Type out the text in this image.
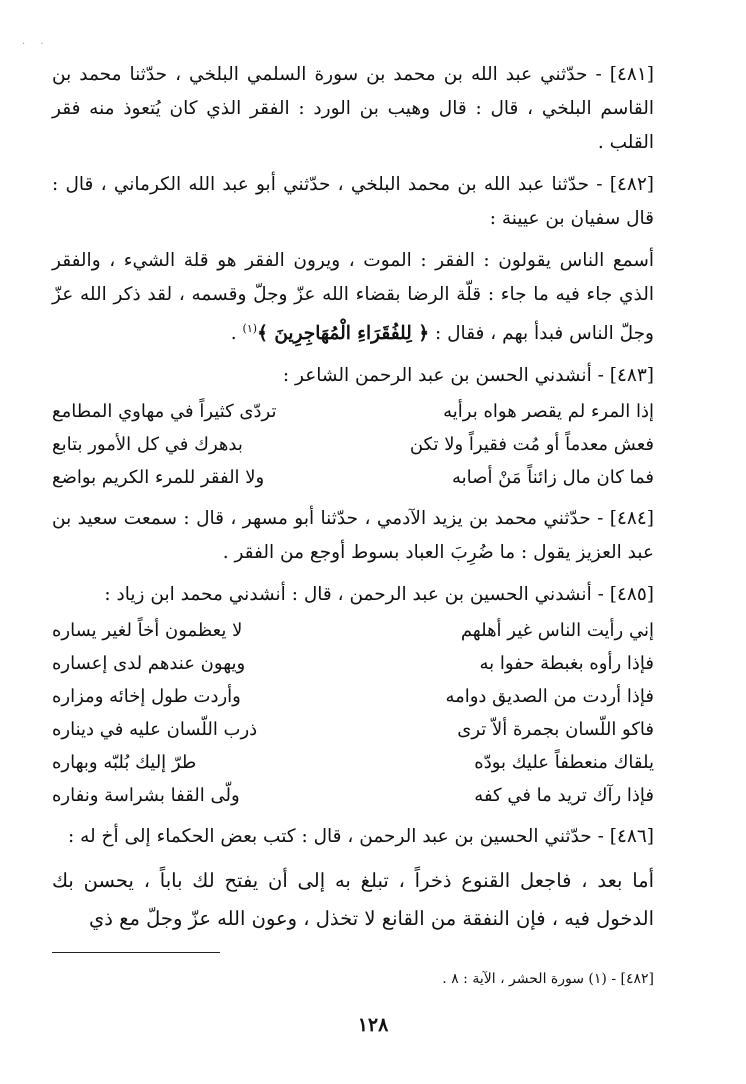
. .

[٤٨١] - حدّثني عبد الله بن محمد بن سورة السلمي البلخي ، حدّثنا محمد بن القاسم البلخي ، قال : قال وهيب بن الورد : الفقر الذي كان يُتعوذ منه فقر القلب .

[٤٨٢] - حدّثنا عبد الله بن محمد البلخي ، حدّثني أبو عبد الله الكرماني ، قال : قال سفيان بن عيينة :

أسمع الناس يقولون : الفقر : الموت ، ويرون الفقر هو قلة الشيء ، والفقر الذي جاء فيه ما جاء : قلّة الرضا بقضاء الله عزّ وجلّ وقسمه ، لقد ذكر الله عزّ وجلّ الناس فبدأ بهم ، فقال : ﴿ لِلفُقَرَاءِ الْمُهَاجِرِينَ ﴾$^{(١)}$ .

[٤٨٣] - أنشدني الحسن بن عبد الرحمن الشاعر :

إذا المرء لم يقصر هواه برأيه
تردّى كثيراً في مهاوي المطامع
فعش معدماً أو مُت فقيراً ولا تكن
بدهرك في كل الأمور بتابع
فما كان مال زائناً مَنْ أصابه
ولا الفقر للمرء الكريم بواضع

[٤٨٤] - حدّثني محمد بن يزيد الآدمي ، حدّثنا أبو مسهر ، قال : سمعت سعيد بن عبد العزيز يقول : ما ضُرِبَ العباد بسوط أوجع من الفقر .

[٤٨٥] - أنشدني الحسين بن عبد الرحمن ، قال : أنشدني محمد ابن زياد :

إني رأيت الناس غير أهلهم
لا يعظمون أخاً لغير يساره
فإذا رأوه بغبطة حفوا به
ويهون عندهم لدى إعساره
فإذا أردت من الصديق دوامه
وأردت طول إخائه ومزاره
فاكو اللّسان بجمرة ألاّ ترى
ذرب اللّسان عليه في ديناره
يلقاك منعطفاً عليك بودّه
طرّ إليك بُلبّه وبهاره
فإذا رآك تريد ما في كفه
ولّى القفا بشراسة ونفاره

[٤٨٦] - حدّثني الحسين بن عبد الرحمن ، قال : كتب بعض الحكماء إلى أخ له :

أما بعد ، فاجعل القنوع ذخراً ، تبلغ به إلى أن يفتح لك باباً ، يحسن بك الدخول فيه ، فإن النفقة من القانع لا تخذل ، وعون الله عزّ وجلّ مع ذي

[٤٨٢] - (١) سورة الحشر ، الآية : ٨ .
١٢٨
